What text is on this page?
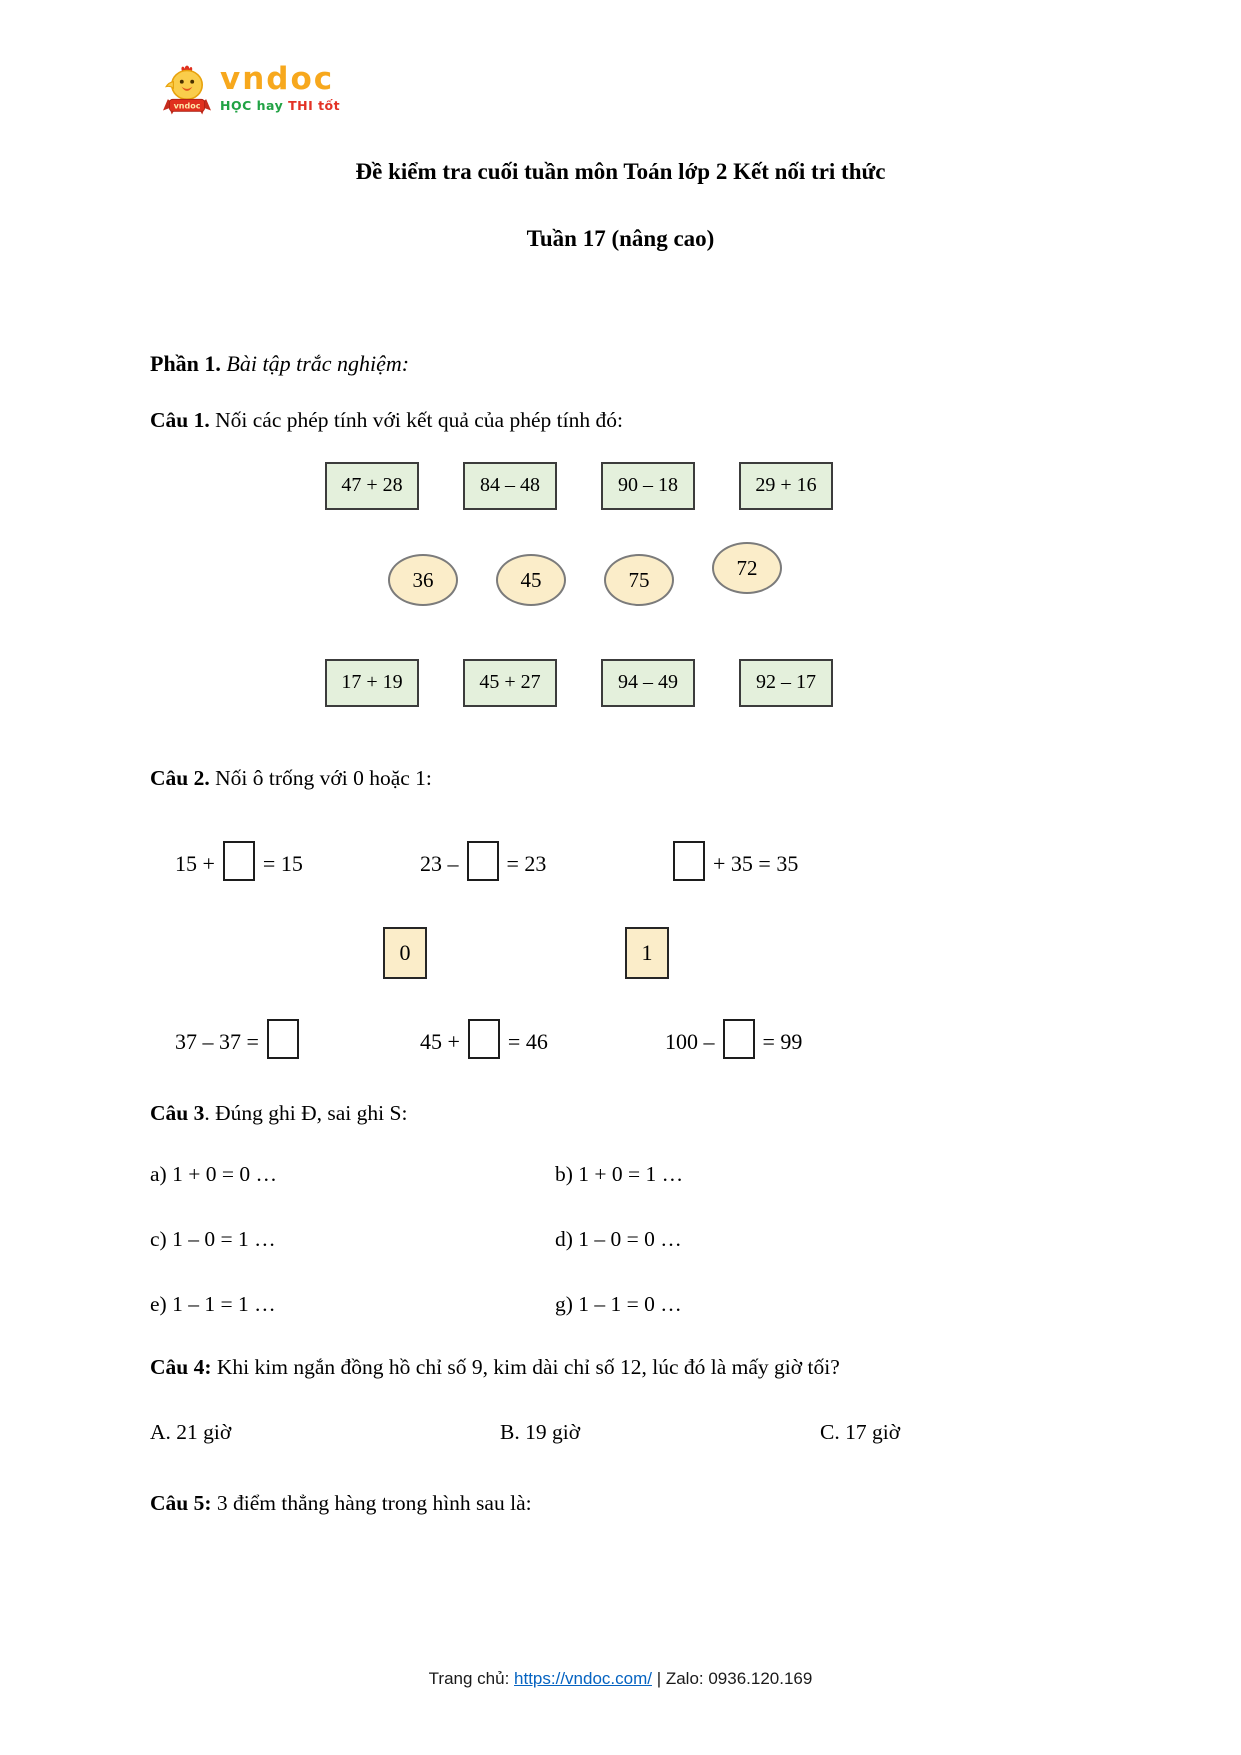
vndoc
vndoc
HỌC hay THI tốt
Đề kiểm tra cuối tuần môn Toán lớp 2 Kết nối tri thức
Tuần 17 (nâng cao)

Phần 1. Bài tập trắc nghiệm:

Câu 1. Nối các phép tính với kết quả của phép tính đó:

47 + 28	84 – 48	90 – 18	29 + 16
36	45	75	72
17 + 19	45 + 27	94 – 49	92 – 17

Câu 2. Nối ô trống với 0 hoặc 1:

15 + = 15	23 – = 23	+ 35 = 35
0	1
37 – 37 =	45 + = 46	100 – = 99

Câu 3. Đúng ghi Đ, sai ghi S:

a) 1 + 0 = 0 …	b) 1 + 0 = 1 …
c) 1 – 0 = 1 …	d) 1 – 0 = 0 …
e) 1 – 1 = 1 …	g) 1 – 1 = 0 …

Câu 4: Khi kim ngắn đồng hồ chỉ số 9, kim dài chỉ số 12, lúc đó là mấy giờ tối?

A. 21 giờ	B. 19 giờ	C. 17 giờ

Câu 5: 3 điểm thẳng hàng trong hình sau là:

Trang chủ: https://vndoc.com/ | Zalo: 0936.120.169
